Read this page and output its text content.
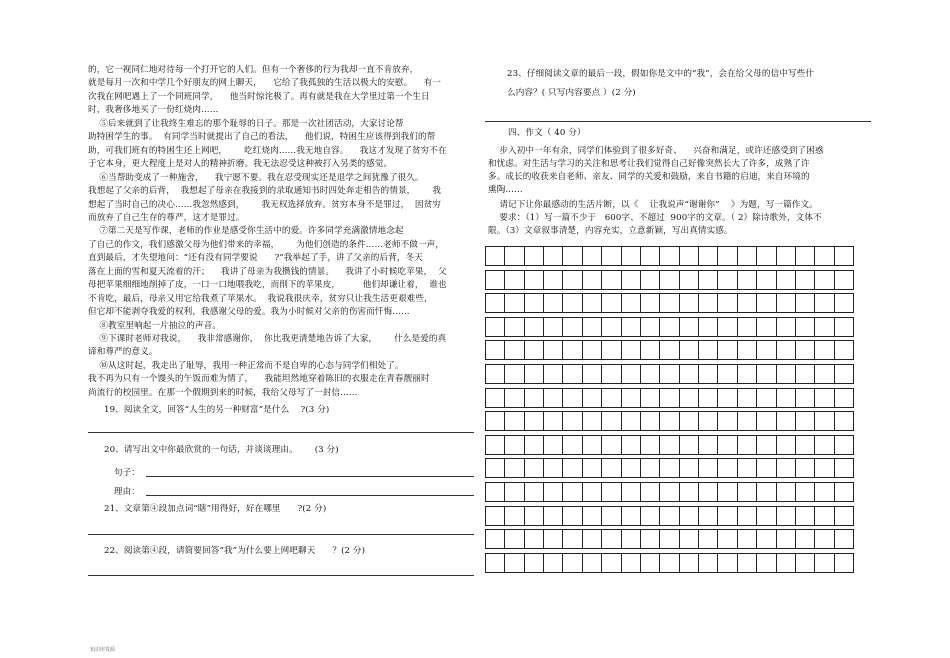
的，它一视同仁地对待每一个打开它的人们。但有一个奢侈的行为我却一直不肯放弃，
就是每月一次和中学几个好朋友的网上聊天，    它给了我孤独的生活以极大的安慰。    有一
次我在网吧遇上了一个同班同学，    他当时惊诧极了。再有就是我在大学里过第一个生日
时，我奢侈地买了一份红烧肉……
⑤后来就到了让我终生难忘的那个耻辱的日子。那是一次社团活动，大家讨论帮
助特困学生的事。  有同学当时就提出了自己的看法，    他们说，特困生应该得到我们的帮
助，可我们班有的特困生还上网吧，      吃红烧肉……我无地自容。    我这才发现了贫穷不在
于它本身，更大程度上是对人的精神折磨。我无法忍受这种被打入另类的感觉。
⑥当帮助变成了一种施舍，    我宁愿不要。我在忍受现实还是退学之间犹豫了很久。
我想起了父亲的后背，  我想起了母亲在我接到的录取通知书时四处奔走相告的情景，      我
想起了当时自己的决心……我忽然感到，      我无权选择放弃。贫穷本身不是罪过，  因贫穷
而放弃了自己生存的尊严，这才是罪过。
⑦第二天是写作课，老师的作业是感受你生活中的爱。许多同学充满激情地念起
了自己的作文，我们感激父母为他们带来的幸福，      为他们创造的条件……老师不做一声，
直到最后，才失望地问：“还有没有同学要说      ?”我举起了手，讲了父亲的后背，冬天
落在上面的雪和夏天流着的汗；    我讲了母亲为我攒钱的情景。    我讲了小时候吃苹果，  父
母把苹果细细地削掉了皮，一口一口地喂我吃，而削下的苹果皮，        他们却谦让着，  谁也
不肯吃，最后，母亲又用它给我煮了苹果水。  我说我很庆幸，贫穷只让我生活更艰难些，
但它却不能剥夺我爱的权利，我感谢父母的爱。我为小时候对父亲的伤害而忏悔……
⑧教室里响起一片抽泣的声音。
⑨下课时老师对我说，    我非常感谢你，  你比我更清楚地告诉了大家，      什么是爱的真
谛和尊严的意义。
⑩从这时起，我走出了耻辱，我用一种正常而不是自卑的心态与同学们相处了。
我不再为只有一个馒头的午饭而难为情了，    我能坦然地穿着陈旧的衣服走在青春靓丽时
尚流行的校园里。在那一个假期到来的时候，我给父母写了一封信……
19、阅读全文，回答“人生的另一种财富”是什么    ?(3 分)
20、请写出文中你最欣赏的一句话，并谈谈理由。      (3 分)
句子：
理由：
21、文章第④段加点词“瞎”用得好，好在哪里      ?(2 分)
22、阅读第④段，请简要回答“我”为什么要上网吧聊天      ？(2 分)
23、仔细阅读文章的最后一段，假如你是文中的“我”，会在给父母的信中写些什
么内容？( 只写内容要点 ）(2 分)
四、作文（ 40 分）
步入初中一年有余，同学们体验到了很多好奇、    兴奋和满足，或许还感受到了困惑
和忧虑。对生活与学习的关注和思考让我们觉得自己好像突然长大了许多，成熟了许
多。成长的收获来自老师、亲友、同学的关爱和鼓励，来自书籍的启迪，来自环境的
熏陶……
请记下让你最感动的生活片断，以《    让我说声“谢谢你”    》为题，写一篇作文。
要求：（1）写一篇不少于   600字、不超过  900字的文章。（ 2）除诗歌外，文体不
限。（3）文章叙事清楚，内容充实，立意新颖，写出真情实感。
知识库资源
